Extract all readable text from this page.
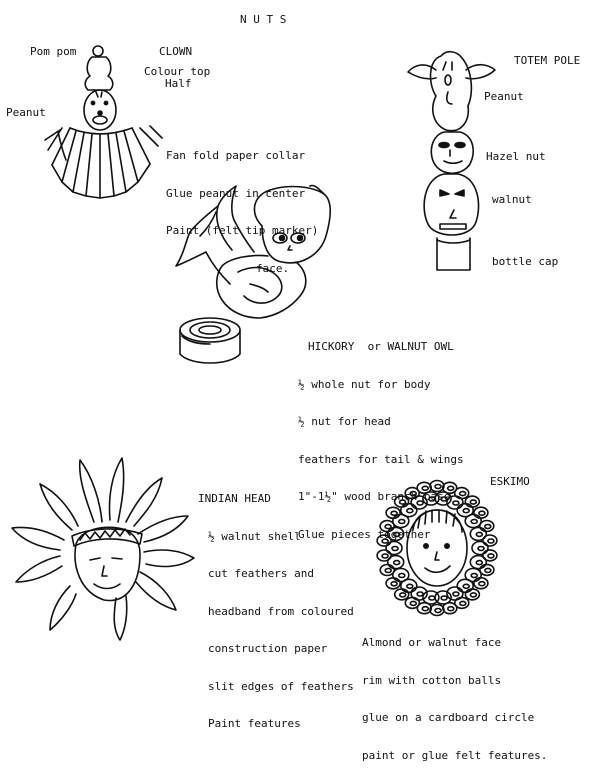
N U T S
Pom pom	CLOWN
Colour top
Half
Peanut

Fan fold paper collar

Glue peanut in center

Paint (felt tip marker)

face.

TOTEM POLE
Peanut
Hazel nut
walnut
bottle cap

HICKORY  or WALNUT OWL

½ whole nut for body

½ nut for head

feathers for tail & wings

1"-1½" wood branch base

Glue pieces together

INDIAN HEAD

½ walnut shell

cut feathers and

headband from coloured

construction paper

slit edges of feathers

Paint features

ESKIMO

Almond or walnut face

rim with cotton balls

glue on a cardboard circle

paint or glue felt features.
